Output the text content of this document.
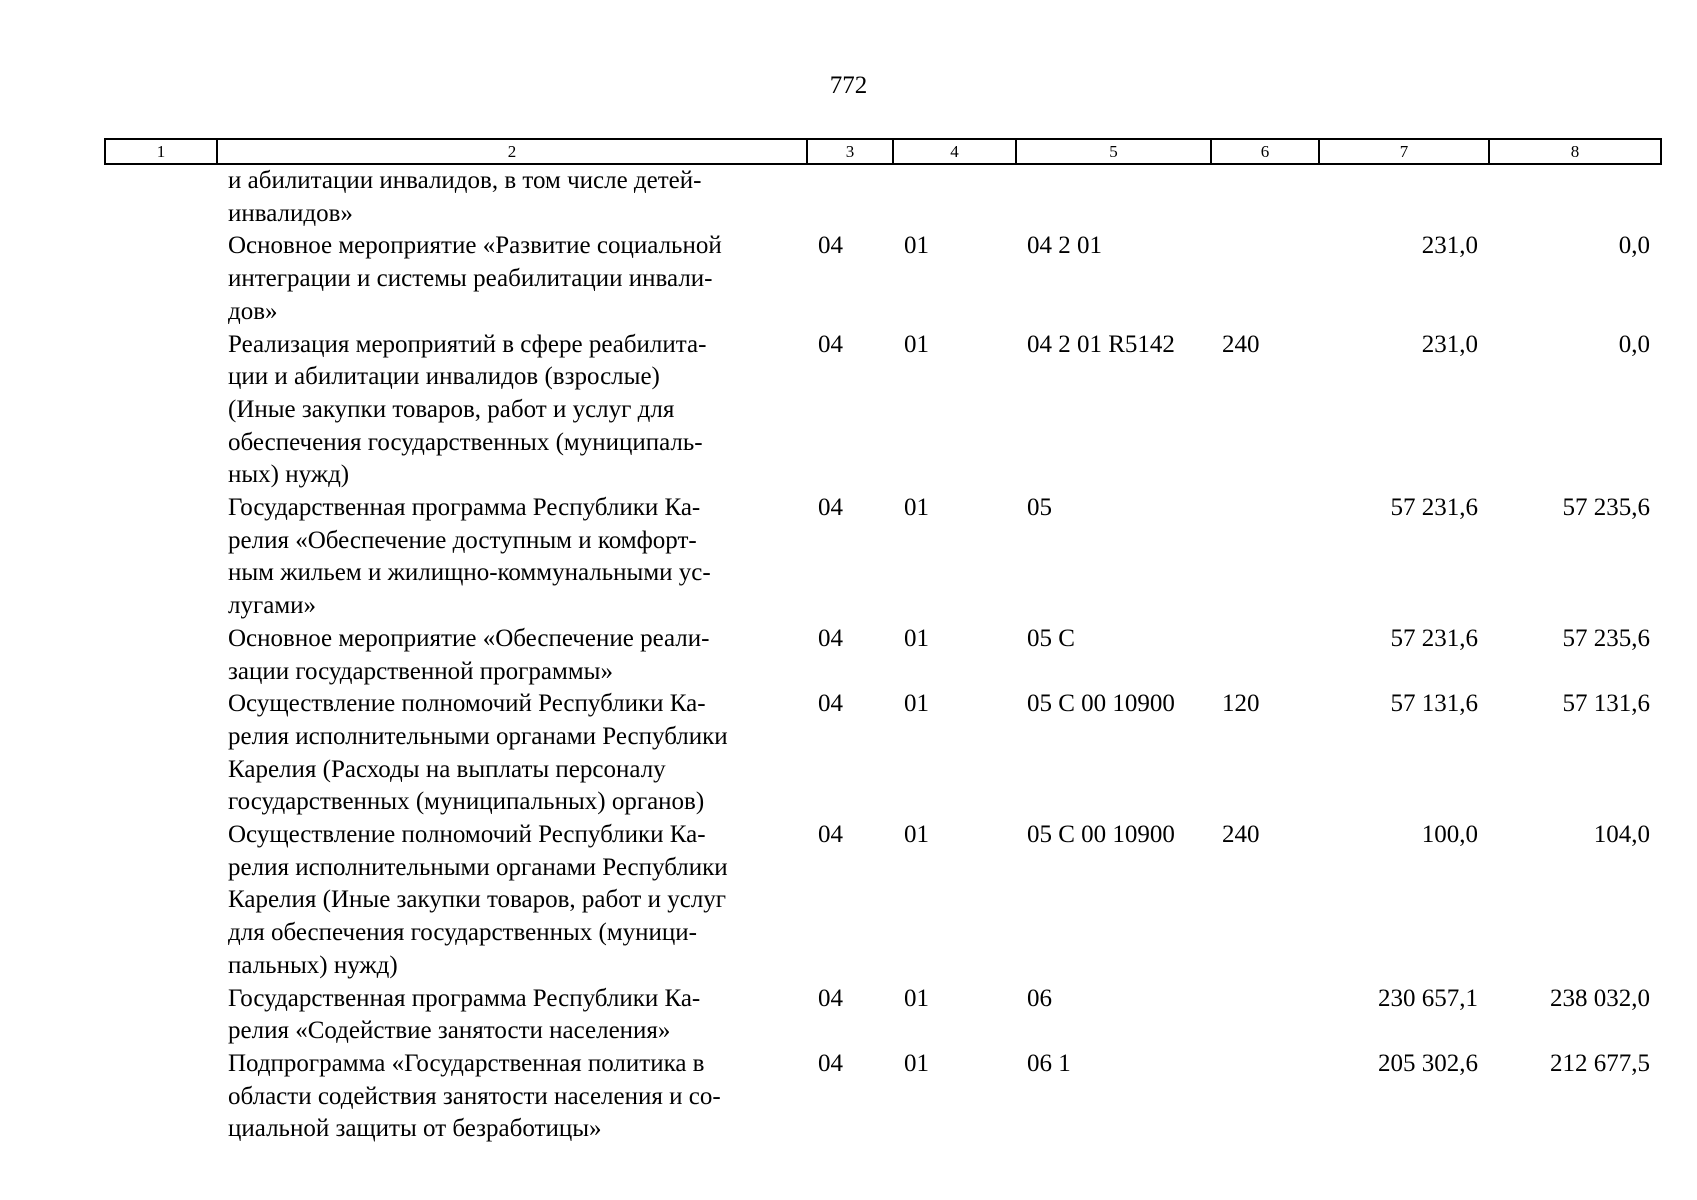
772
1	2	3	4	5	6	7	8
	и абилитации инвалидов, в том числе детей-
инвалидов»						
	Основное мероприятие «Развитие социальной
интеграции и системы реабилитации инвали-
дов»	04	01	04 2 01		231,0	0,0
	Реализация мероприятий в сфере реабилита-
ции и абилитации инвалидов (взрослые)
(Иные закупки товаров, работ и услуг для
обеспечения государственных (муниципаль-
ных) нужд)	04	01	04 2 01 R5142	240	231,0	0,0
	Государственная программа Республики Ка-
релия «Обеспечение доступным и комфорт-
ным жильем и жилищно-коммунальными ус-
лугами»	04	01	05		57 231,6	57 235,6
	Основное мероприятие «Обеспечение реали-
зации государственной программы»	04	01	05 С		57 231,6	57 235,6
	Осуществление полномочий Республики Ка-
релия исполнительными органами Республики
Карелия (Расходы на выплаты персоналу
государственных (муниципальных) органов)	04	01	05 С 00 10900	120	57 131,6	57 131,6
	Осуществление полномочий Республики Ка-
релия исполнительными органами Республики
Карелия (Иные закупки товаров, работ и услуг
для обеспечения государственных (муници-
пальных) нужд)	04	01	05 С 00 10900	240	100,0	104,0
	Государственная программа Республики Ка-
релия «Содействие занятости населения»	04	01	06		230 657,1	238 032,0
	Подпрограмма «Государственная политика в
области содействия занятости населения и со-
циальной защиты от безработицы»	04	01	06 1		205 302,6	212 677,5
